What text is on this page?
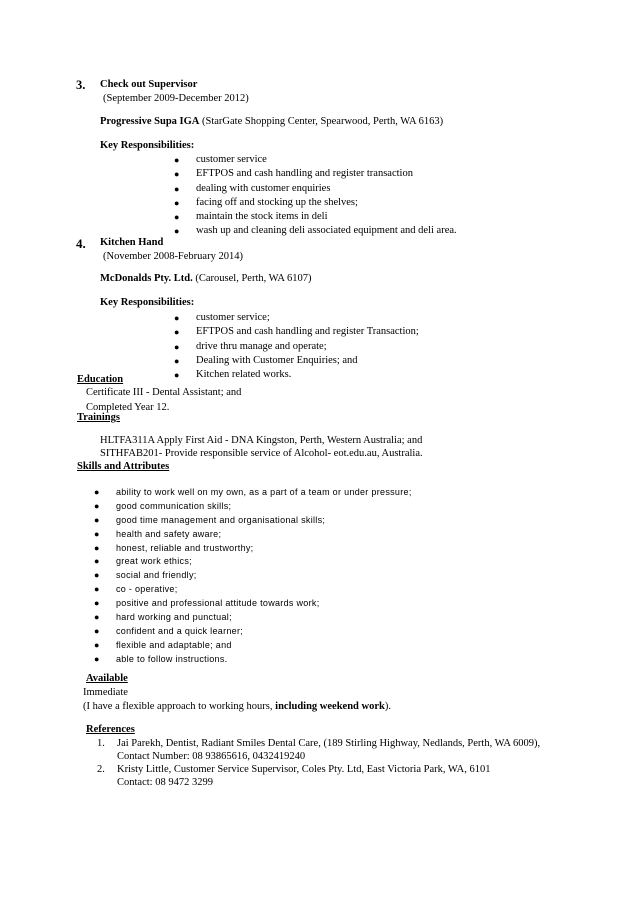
3. Check out Supervisor
(September 2009-December 2012)
Progressive Supa IGA (StarGate Shopping Center, Spearwood, Perth, WA 6163)
Key Responsibilities:
● customer service
● EFTPOS and cash handling and register transaction
● dealing with customer enquiries
● facing off and stocking up the shelves;
● maintain the stock items in deli
● wash up and cleaning deli associated equipment and deli area.
4. Kitchen Hand
(November 2008-February 2014)
McDonalds Pty. Ltd. (Carousel, Perth, WA 6107)
Key Responsibilities:
● customer service;
● EFTPOS and cash handling and register Transaction;
● drive thru manage and operate;
● Dealing with Customer Enquiries; and
● Kitchen related works.
Education
Certificate III - Dental Assistant; and
Completed Year 12.
Trainings
HLTFA311A Apply First Aid - DNA Kingston, Perth, Western Australia; and
SITHFAB201- Provide responsible service of Alcohol- eot.edu.au, Australia.
Skills and Attributes
● ability to work well on my own, as a part of a team or under pressure;
● good communication skills;
● good time management and organisational skills;
● health and safety aware;
● honest, reliable and trustworthy;
● great work ethics;
● social and friendly;
● co - operative;
● positive and professional attitude towards work;
● hard working and punctual;
● confident and a quick learner;
● flexible and adaptable; and
● able to follow instructions.
Available
Immediate
(I have a flexible approach to working hours, including weekend work).
References
1. Jai Parekh, Dentist, Radiant Smiles Dental Care, (189 Stirling Highway, Nedlands, Perth, WA 6009),
Contact Number: 08 93865616, 0432419240
2. Kristy Little, Customer Service Supervisor, Coles Pty. Ltd, East Victoria Park, WA, 6101
Contact: 08 9472 3299
